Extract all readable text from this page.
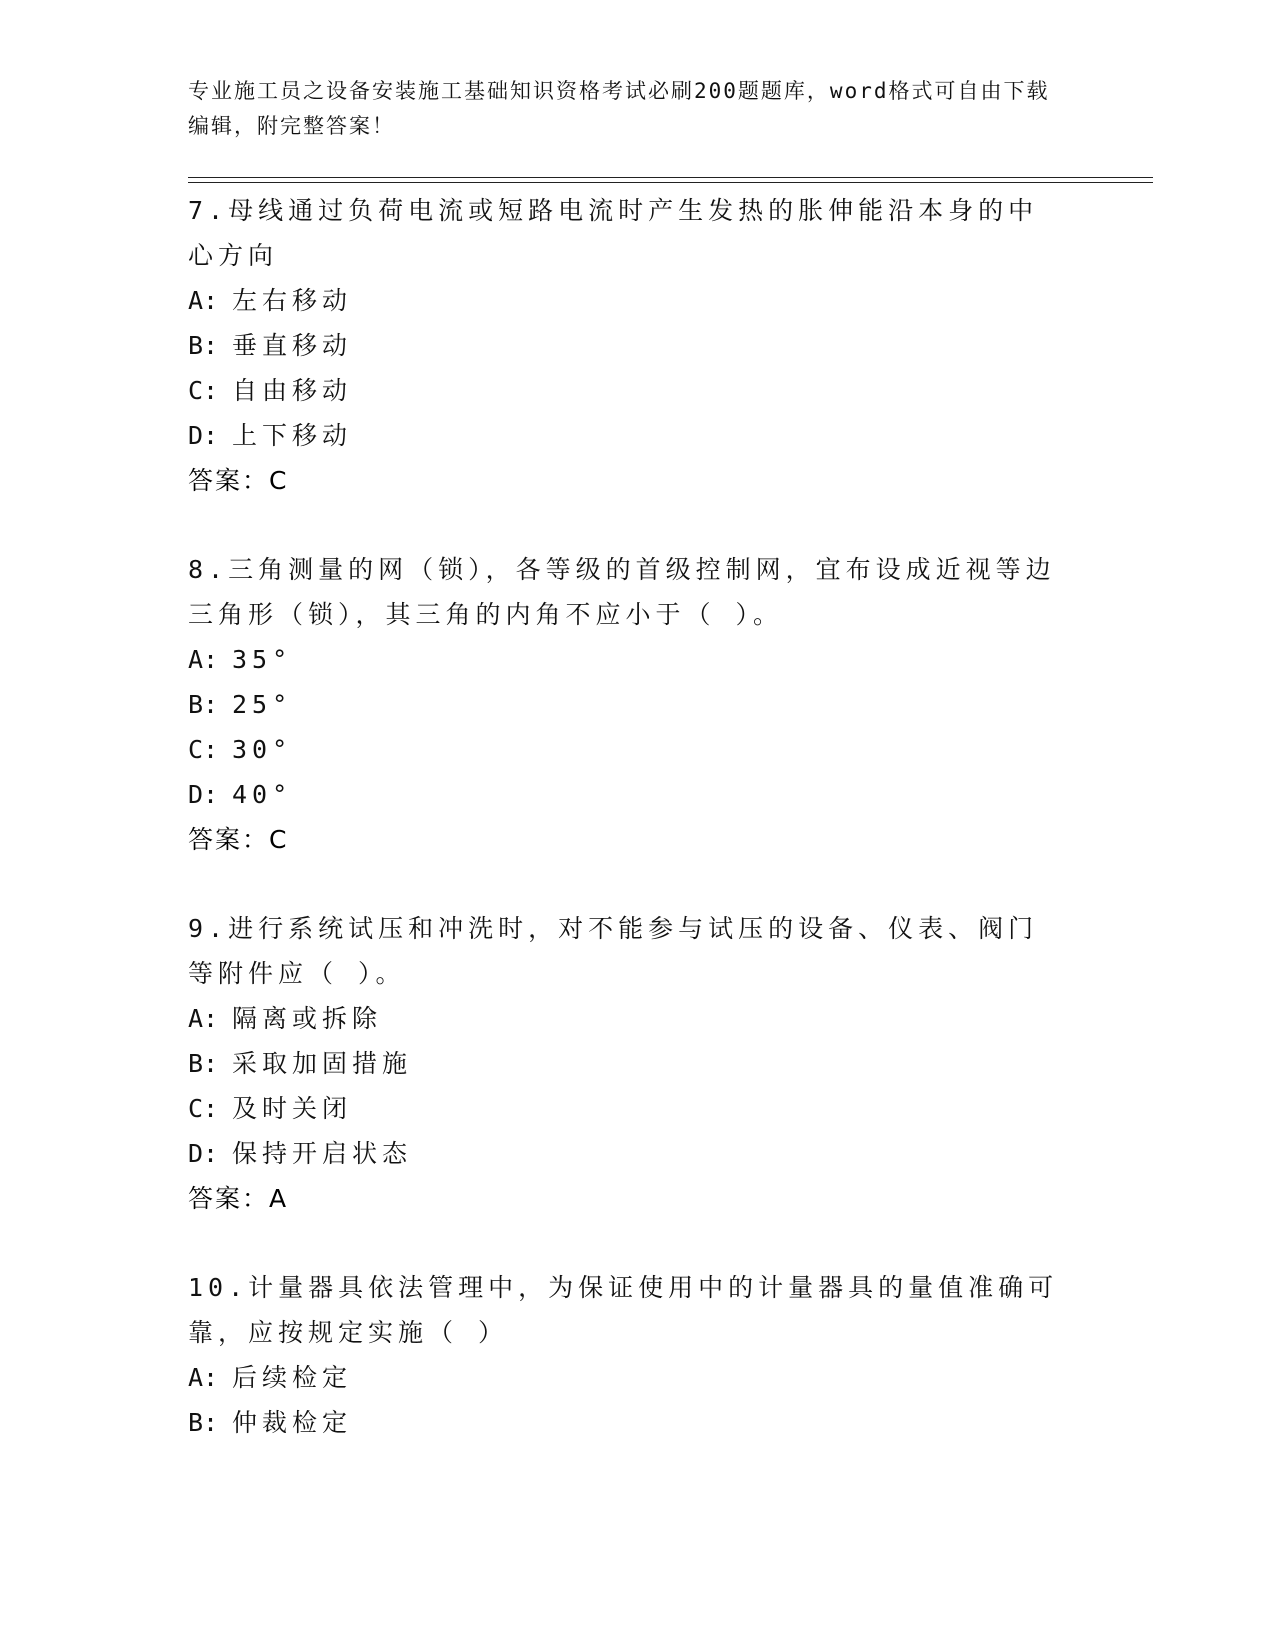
专业施工员之设备安装施工基础知识资格考试必刷200题题库，word格式可自由下载编辑，附完整答案！
7.母线通过负荷电流或短路电流时产生发热的胀伸能沿本身的中心方向
A: 左右移动
B: 垂直移动
C: 自由移动
D: 上下移动
答案：C
8.三角测量的网（锁），各等级的首级控制网，宜布设成近视等边三角形（锁），其三角的内角不应小于（ ）。
A: 35°
B: 25°
C: 30°
D: 40°
答案：C
9.进行系统试压和冲洗时，对不能参与试压的设备、仪表、阀门等附件应（ ）。
A: 隔离或拆除
B: 采取加固措施
C: 及时关闭
D: 保持开启状态
答案：A
10.计量器具依法管理中，为保证使用中的计量器具的量值准确可靠，应按规定实施（ ）
A: 后续检定
B: 仲裁检定
